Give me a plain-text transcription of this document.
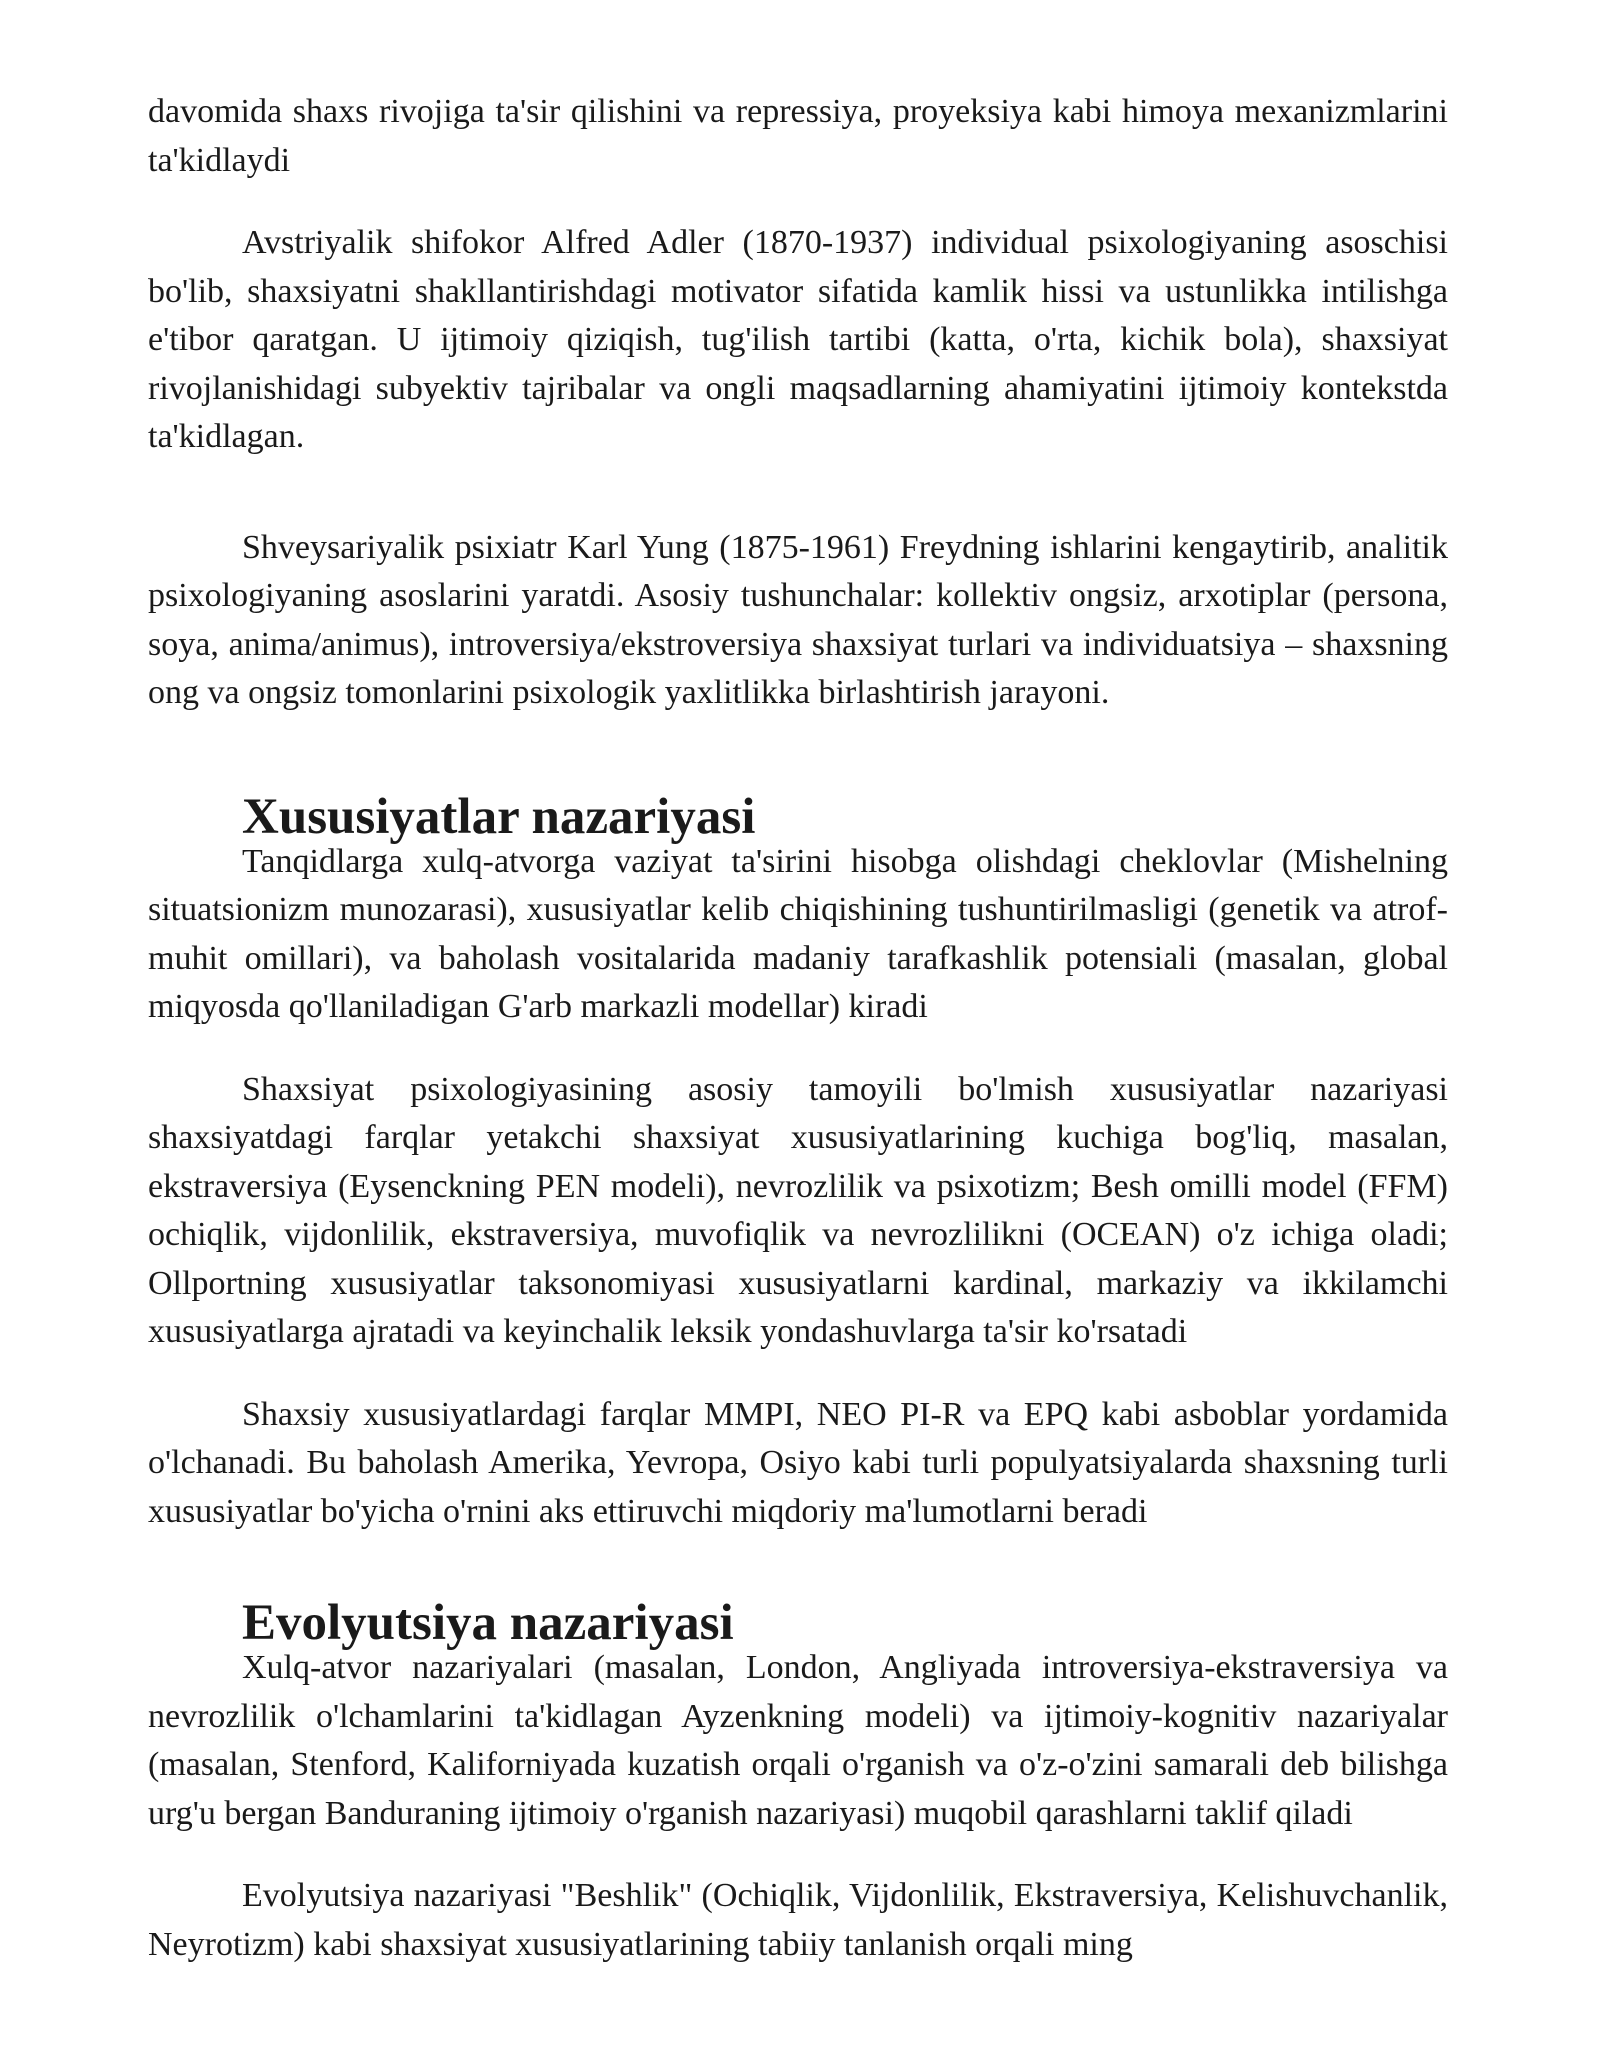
davomida shaxs rivojiga ta'sir qilishini va repressiya, proyeksiya kabi himoya mexanizmlarini ta'kidlaydi

Avstriyalik shifokor Alfred Adler (1870-1937) individual psixologiyaning asoschisi bo'lib, shaxsiyatni shakllantirishdagi motivator sifatida kamlik hissi va ustunlikka intilishga e'tibor qaratgan. U ijtimoiy qiziqish, tug'ilish tartibi (katta, o'rta, kichik bola), shaxsiyat rivojlanishidagi subyektiv tajribalar va ongli maqsadlarning ahamiyatini ijtimoiy kontekstda ta'kidlagan.

Shveysariyalik psixiatr Karl Yung (1875-1961) Freydning ishlarini kengaytirib, analitik psixologiyaning asoslarini yaratdi. Asosiy tushunchalar: kollektiv ongsiz, arxotiplar (persona, soya, anima/animus), introversiya/ekstroversiya shaxsiyat turlari va individuatsiya – shaxsning ong va ongsiz tomonlarini psixologik yaxlitlikka birlashtirish jarayoni.

Xususiyatlar nazariyasi

Tanqidlarga xulq-atvorga vaziyat ta'sirini hisobga olishdagi cheklovlar (Mishelning situatsionizm munozarasi), xususiyatlar kelib chiqishining tushuntirilmasligi (genetik va atrof-muhit omillari), va baholash vositalarida madaniy tarafkashlik potensiali (masalan, global miqyosda qo'llaniladigan G'arb markazli modellar) kiradi

Shaxsiyat psixologiyasining asosiy tamoyili bo'lmish xususiyatlar nazariyasi shaxsiyatdagi farqlar yetakchi shaxsiyat xususiyatlarining kuchiga bog'liq, masalan, ekstraversiya (Eysenckning PEN modeli), nevrozlilik va psixotizm; Besh omilli model (FFM) ochiqlik, vijdonlilik, ekstraversiya, muvofiqlik va nevrozlilikni (OCEAN) o'z ichiga oladi; Ollportning xususiyatlar taksonomiyasi xususiyatlarni kardinal, markaziy va ikkilamchi xususiyatlarga ajratadi va keyinchalik leksik yondashuvlarga ta'sir ko'rsatadi

Shaxsiy xususiyatlardagi farqlar MMPI, NEO PI-R va EPQ kabi asboblar yordamida o'lchanadi. Bu baholash Amerika, Yevropa, Osiyo kabi turli populyatsiyalarda shaxsning turli xususiyatlar bo'yicha o'rnini aks ettiruvchi miqdoriy ma'lumotlarni beradi

Evolyutsiya nazariyasi

Xulq-atvor nazariyalari (masalan, London, Angliyada introversiya-ekstraversiya va nevrozlilik o'lchamlarini ta'kidlagan Ayzenkning modeli) va ijtimoiy-kognitiv nazariyalar (masalan, Stenford, Kaliforniyada kuzatish orqali o'rganish va o'z-o'zini samarali deb bilishga urg'u bergan Banduraning ijtimoiy o'rganish nazariyasi) muqobil qarashlarni taklif qiladi

Evolyutsiya nazariyasi "Beshlik" (Ochiqlik, Vijdonlilik, Ekstraversiya, Kelishuvchanlik, Neyrotizm) kabi shaxsiyat xususiyatlarining tabiiy tanlanish orqali ming
